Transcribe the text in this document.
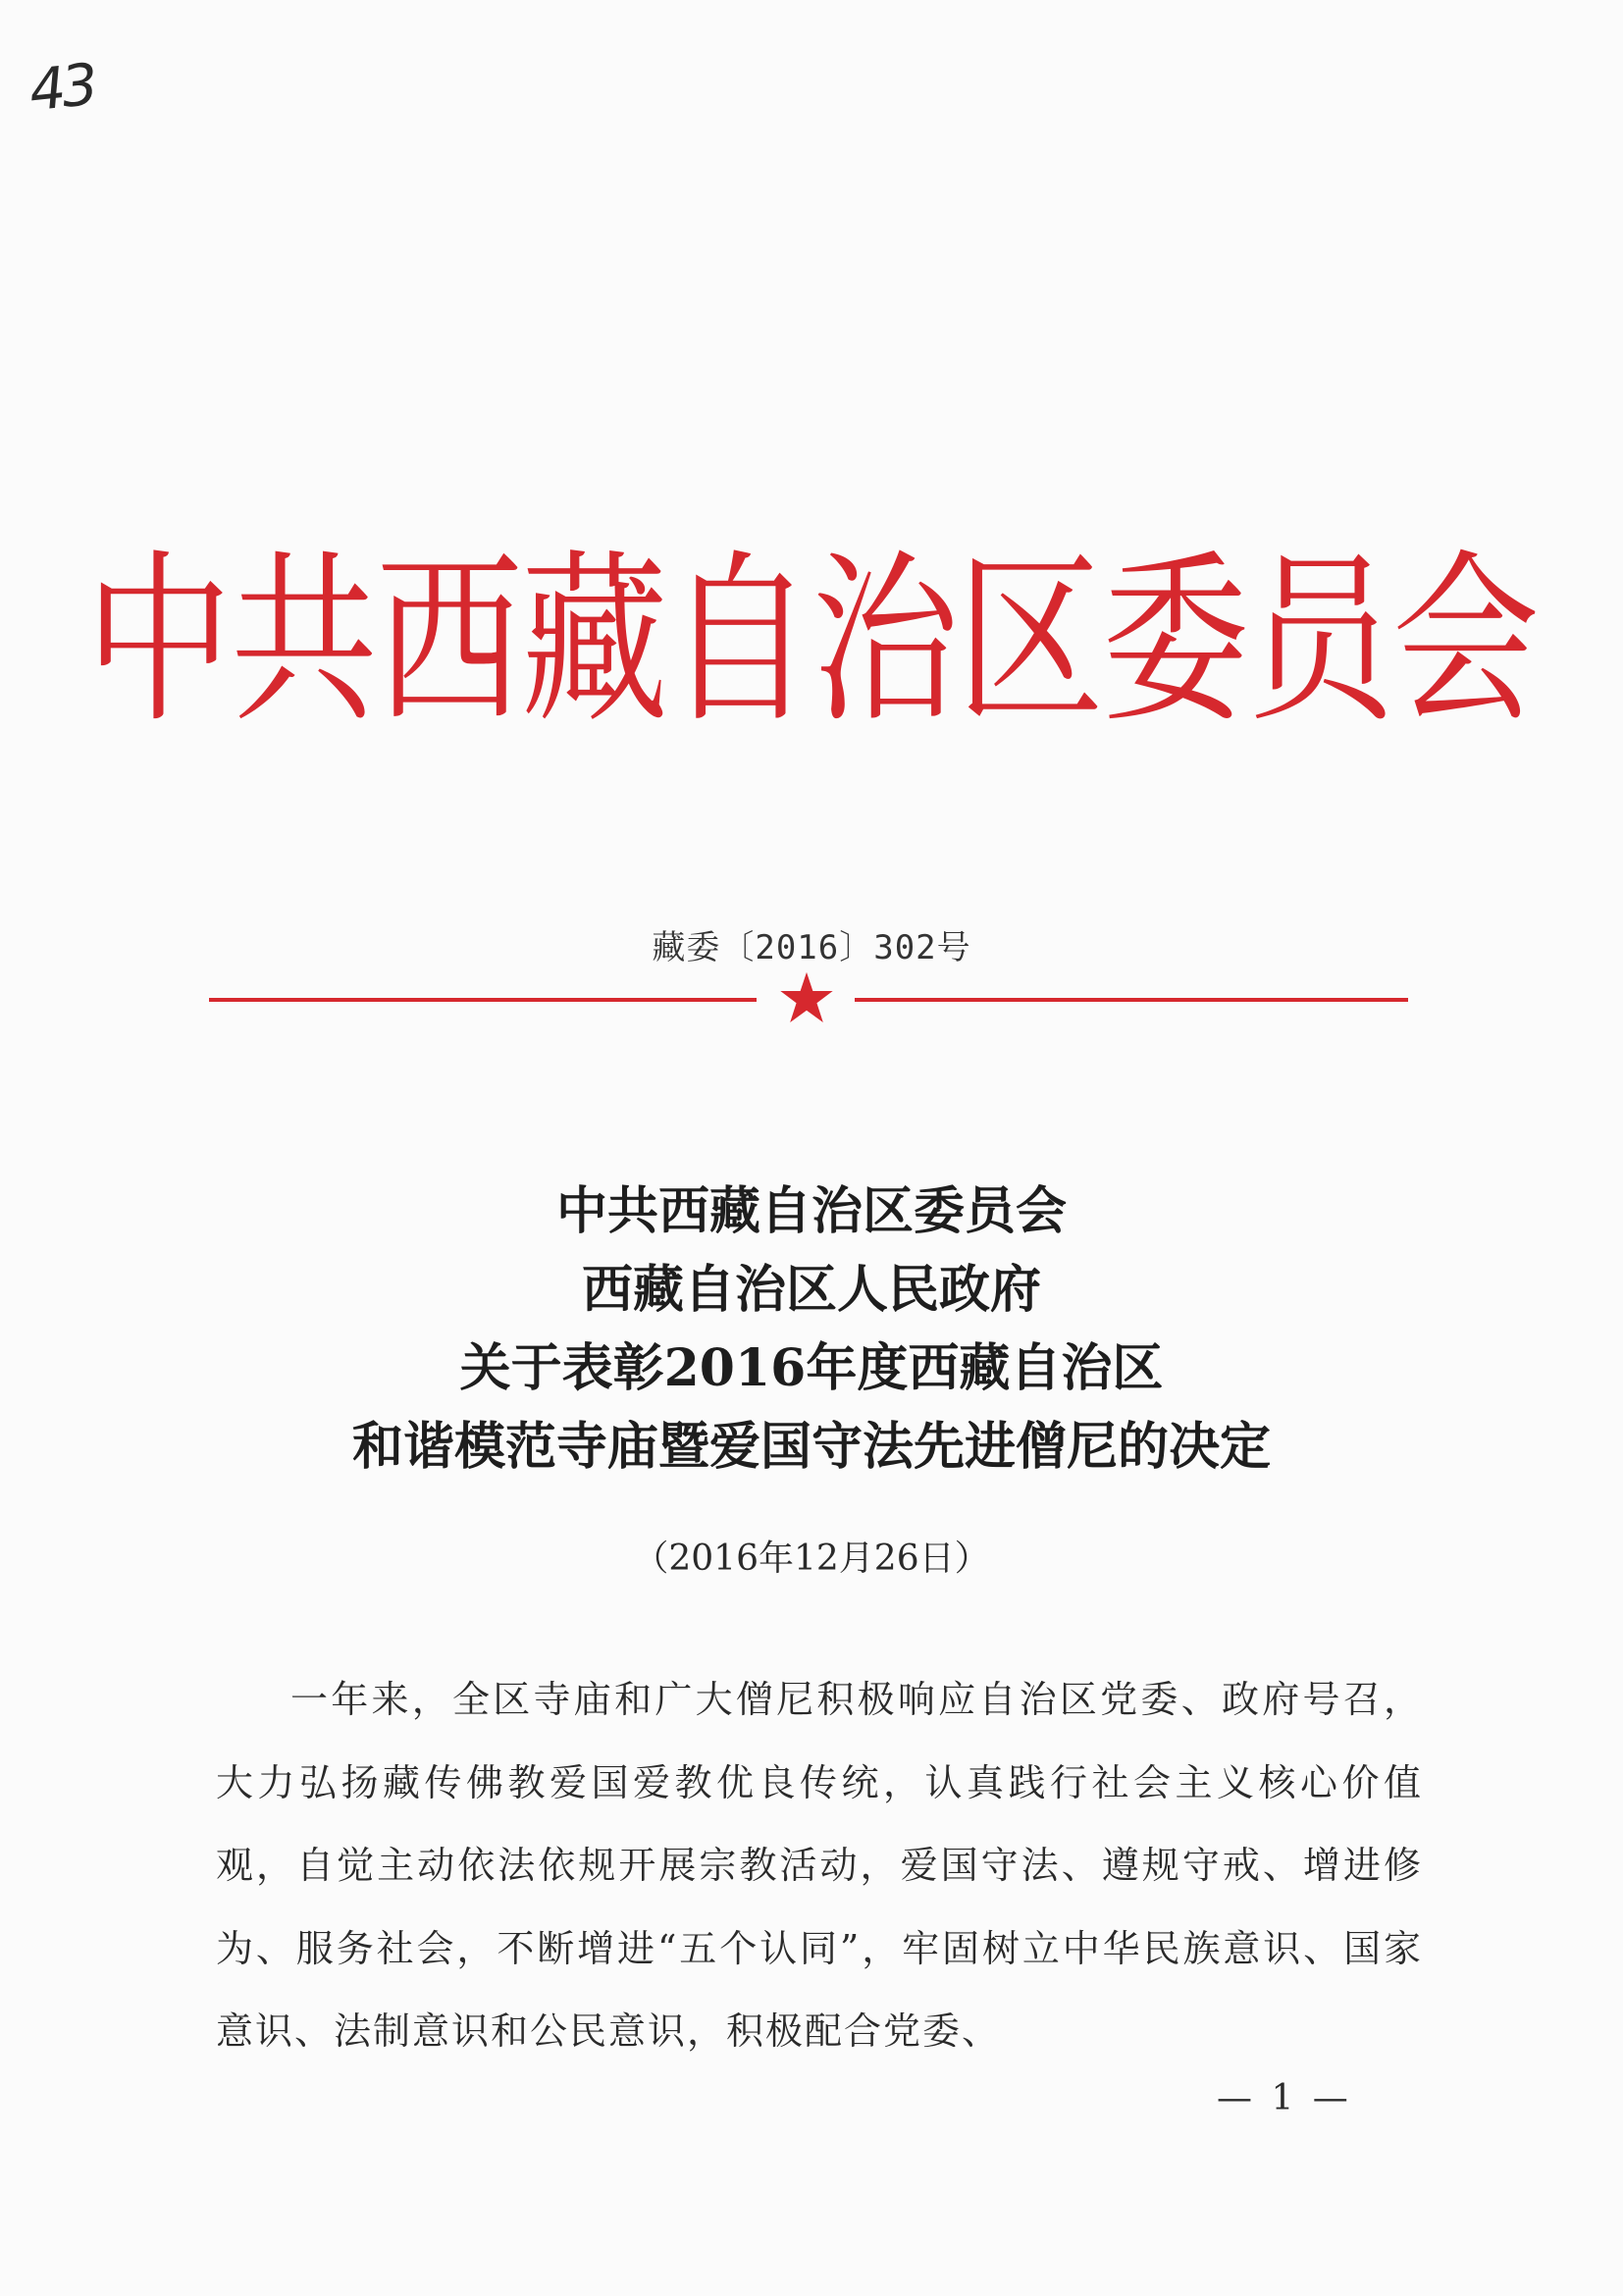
43
中共西藏自治区委员会
藏委〔2016〕302号
中共西藏自治区委员会
西藏自治区人民政府
关于表彰2016年度西藏自治区
和谐模范寺庙暨爱国守法先进僧尼的决定
（2016年12月26日）
一年来，全区寺庙和广大僧尼积极响应自治区党委、政府号召，大力弘扬藏传佛教爱国爱教优良传统，认真践行社会主义核心价值观，自觉主动依法依规开展宗教活动，爱国守法、遵规守戒、增进修为、服务社会，不断增进“五个认同”，牢固树立中华民族意识、国家意识、法制意识和公民意识，积极配合党委、
— 1 —
